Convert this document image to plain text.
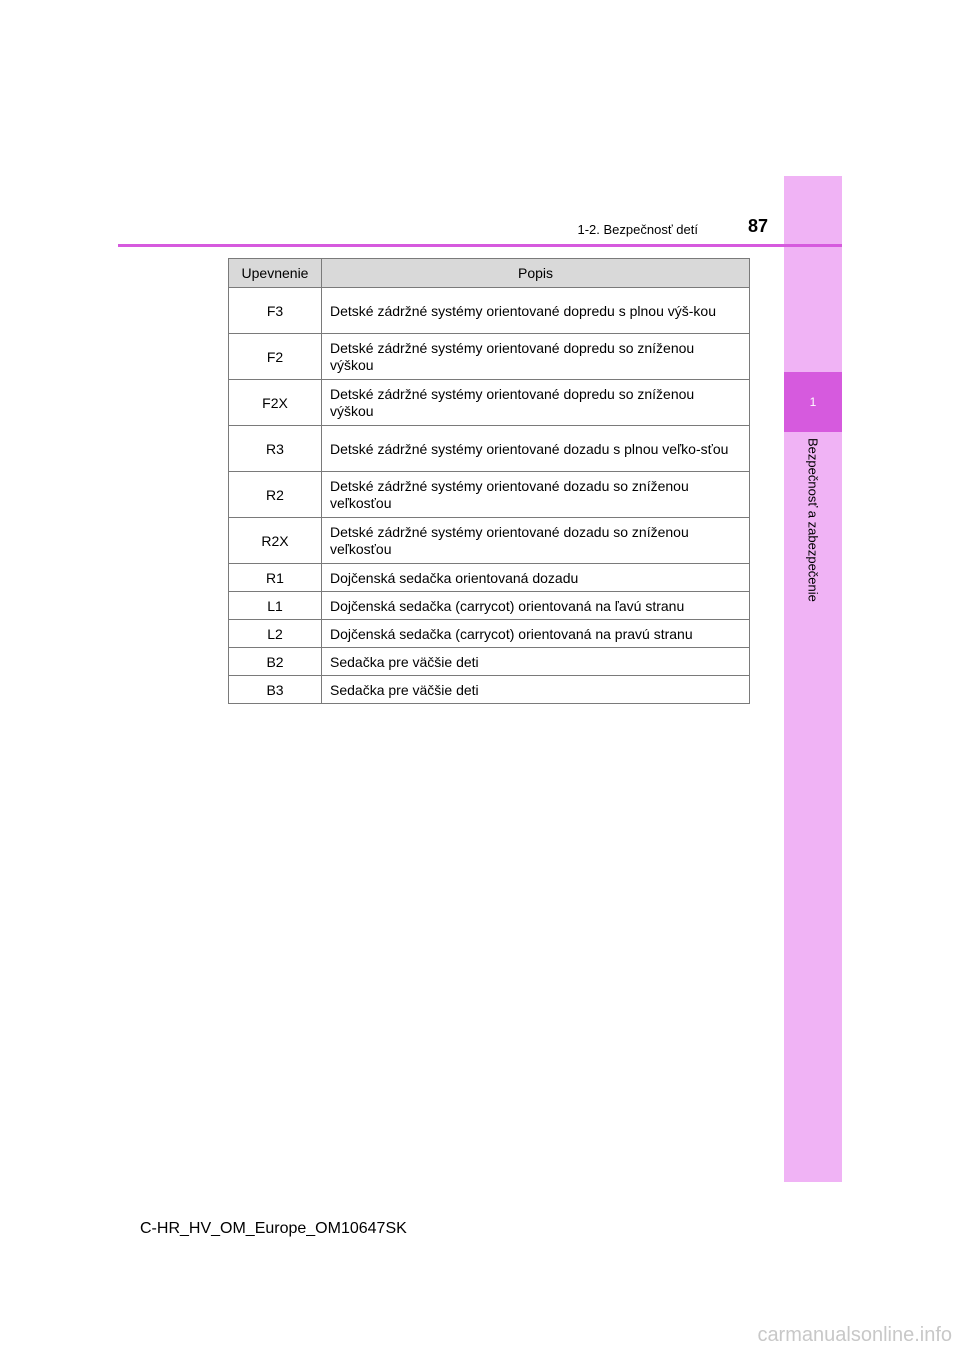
1
Bezpečnosť a zabezpečenie
1-2. Bezpečnosť detí	87
Upevnenie	Popis
F3	Detské zádržné systémy orientované dopredu s plnou výš-kou
F2	Detské zádržné systémy orientované dopredu so zníženou výškou
F2X	Detské zádržné systémy orientované dopredu so zníženou výškou
R3	Detské zádržné systémy orientované dozadu s plnou veľko-sťou
R2	Detské zádržné systémy orientované dozadu so zníženou veľkosťou
R2X	Detské zádržné systémy orientované dozadu so zníženou veľkosťou
R1	Dojčenská sedačka orientovaná dozadu
L1	Dojčenská sedačka (carrycot) orientovaná na ľavú stranu
L2	Dojčenská sedačka (carrycot) orientovaná na pravú stranu
B2	Sedačka pre väčšie deti
B3	Sedačka pre väčšie deti
C-HR_HV_OM_Europe_OM10647SK
carmanualsonline.info
